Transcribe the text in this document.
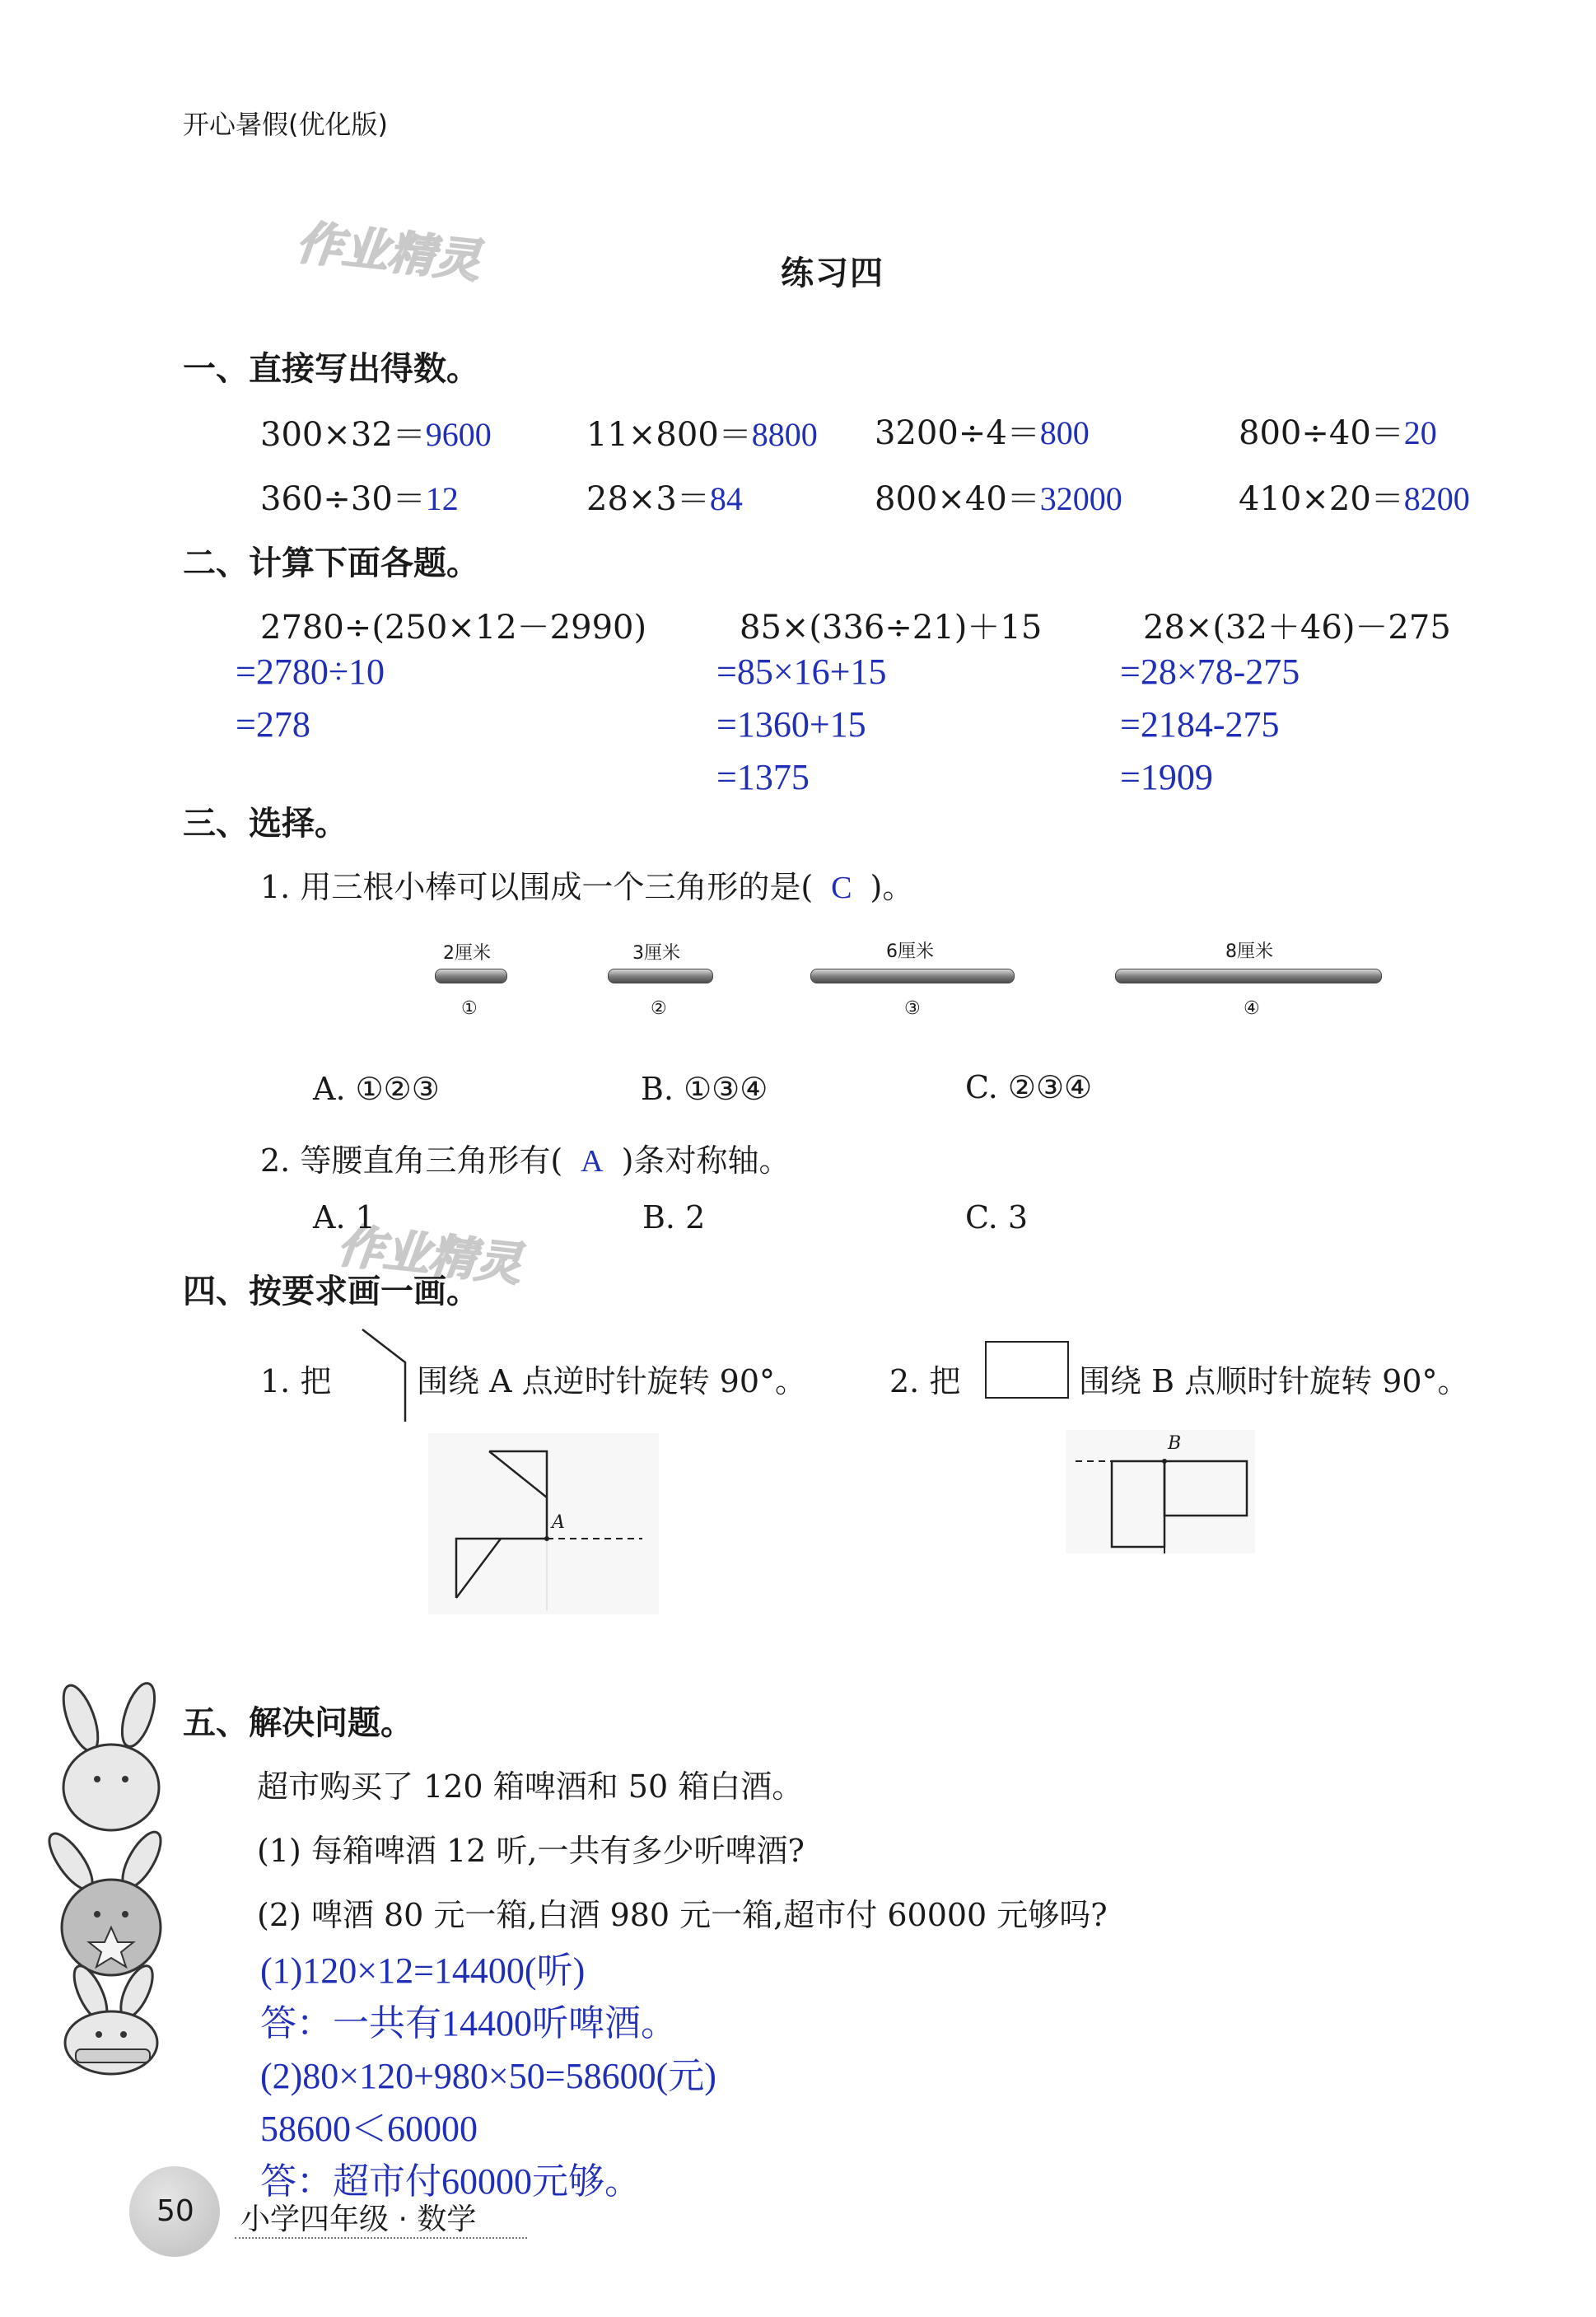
开心暑假(优化版)
作业精灵
作业精灵
练习四
一、直接写出得数。
300×32＝9600	11×800＝8800 3200÷4＝800	800÷40＝20
360÷30＝12	28×3＝84	800×40＝32000	410×20＝8200
二、计算下面各题。
2780÷(250×12－2990)
=2780÷10
=278
85×(336÷21)＋15
=85×16+15
=1360+15
=1375
28×(32＋46)－275
=28×78-275
=2184-275
=1909
三、选择。
1. 用三根小棒可以围成一个三角形的是( C )。
2厘米
①
3厘米
②
6厘米
③
8厘米
④
A. ①②③	B. ①③④	C. ②③④
2. 等腰直角三角形有( A )条对称轴。
A. 1	B. 2	C. 3
四、按要求画一画。
1. 把	围绕 A 点逆时针旋转 90°。	2. 把	围绕 B 点顺时针旋转 90°。
A
B
五、解决问题。
超市购买了 120 箱啤酒和 50 箱白酒。
(1) 每箱啤酒 12 听,一共有多少听啤酒?
(2) 啤酒 80 元一箱,白酒 980 元一箱,超市付 60000 元够吗?
(1)120×12=14400(听)
答：一共有14400听啤酒。
(2)80×120+980×50=58600(元)
58600＜60000
答：超市付60000元够。
50 小学四年级 · 数学
